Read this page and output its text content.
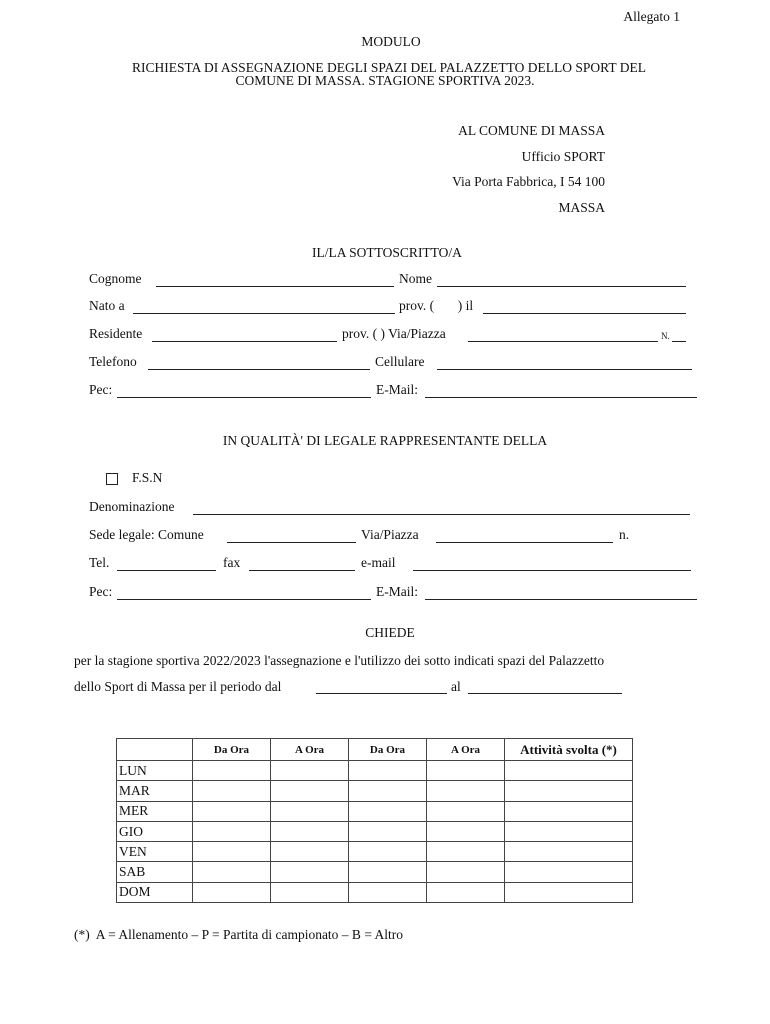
Allegato 1
MODULO
RICHIESTA DI ASSEGNAZIONE DEGLI SPAZI DEL PALAZZETTO DELLO SPORT DEL
COMUNE DI MASSA. STAGIONE SPORTIVA 2023.
AL COMUNE DI MASSA
Ufficio SPORT
Via Porta Fabbrica, I 54 100
MASSA
IL/LA SOTTOSCRITTO/A
Cognome	Nome
Nato a	prov. (       ) il
Residente	prov. ( ) Via/Piazza	N.
Telefono	Cellulare
Pec:	E-Mail:
IN QUALITÀ' DI LEGALE RAPPRESENTANTE DELLA
F.S.N
Denominazione
Sede legale: Comune	Via/Piazza	n.
Tel.	fax	e-mail
Pec:	E-Mail:
CHIEDE
per la stagione sportiva 2022/2023 l'assegnazione e l'utilizzo dei sotto indicati spazi del Palazzetto
dello Sport di Massa per il periodo dal	al
	Da Ora	A Ora	Da Ora	A Ora	Attività svolta (*)
LUN					
MAR					
MER					
GIO					
VEN					
SAB					
DOM					
(*)  A = Allenamento – P = Partita di campionato – B = Altro
